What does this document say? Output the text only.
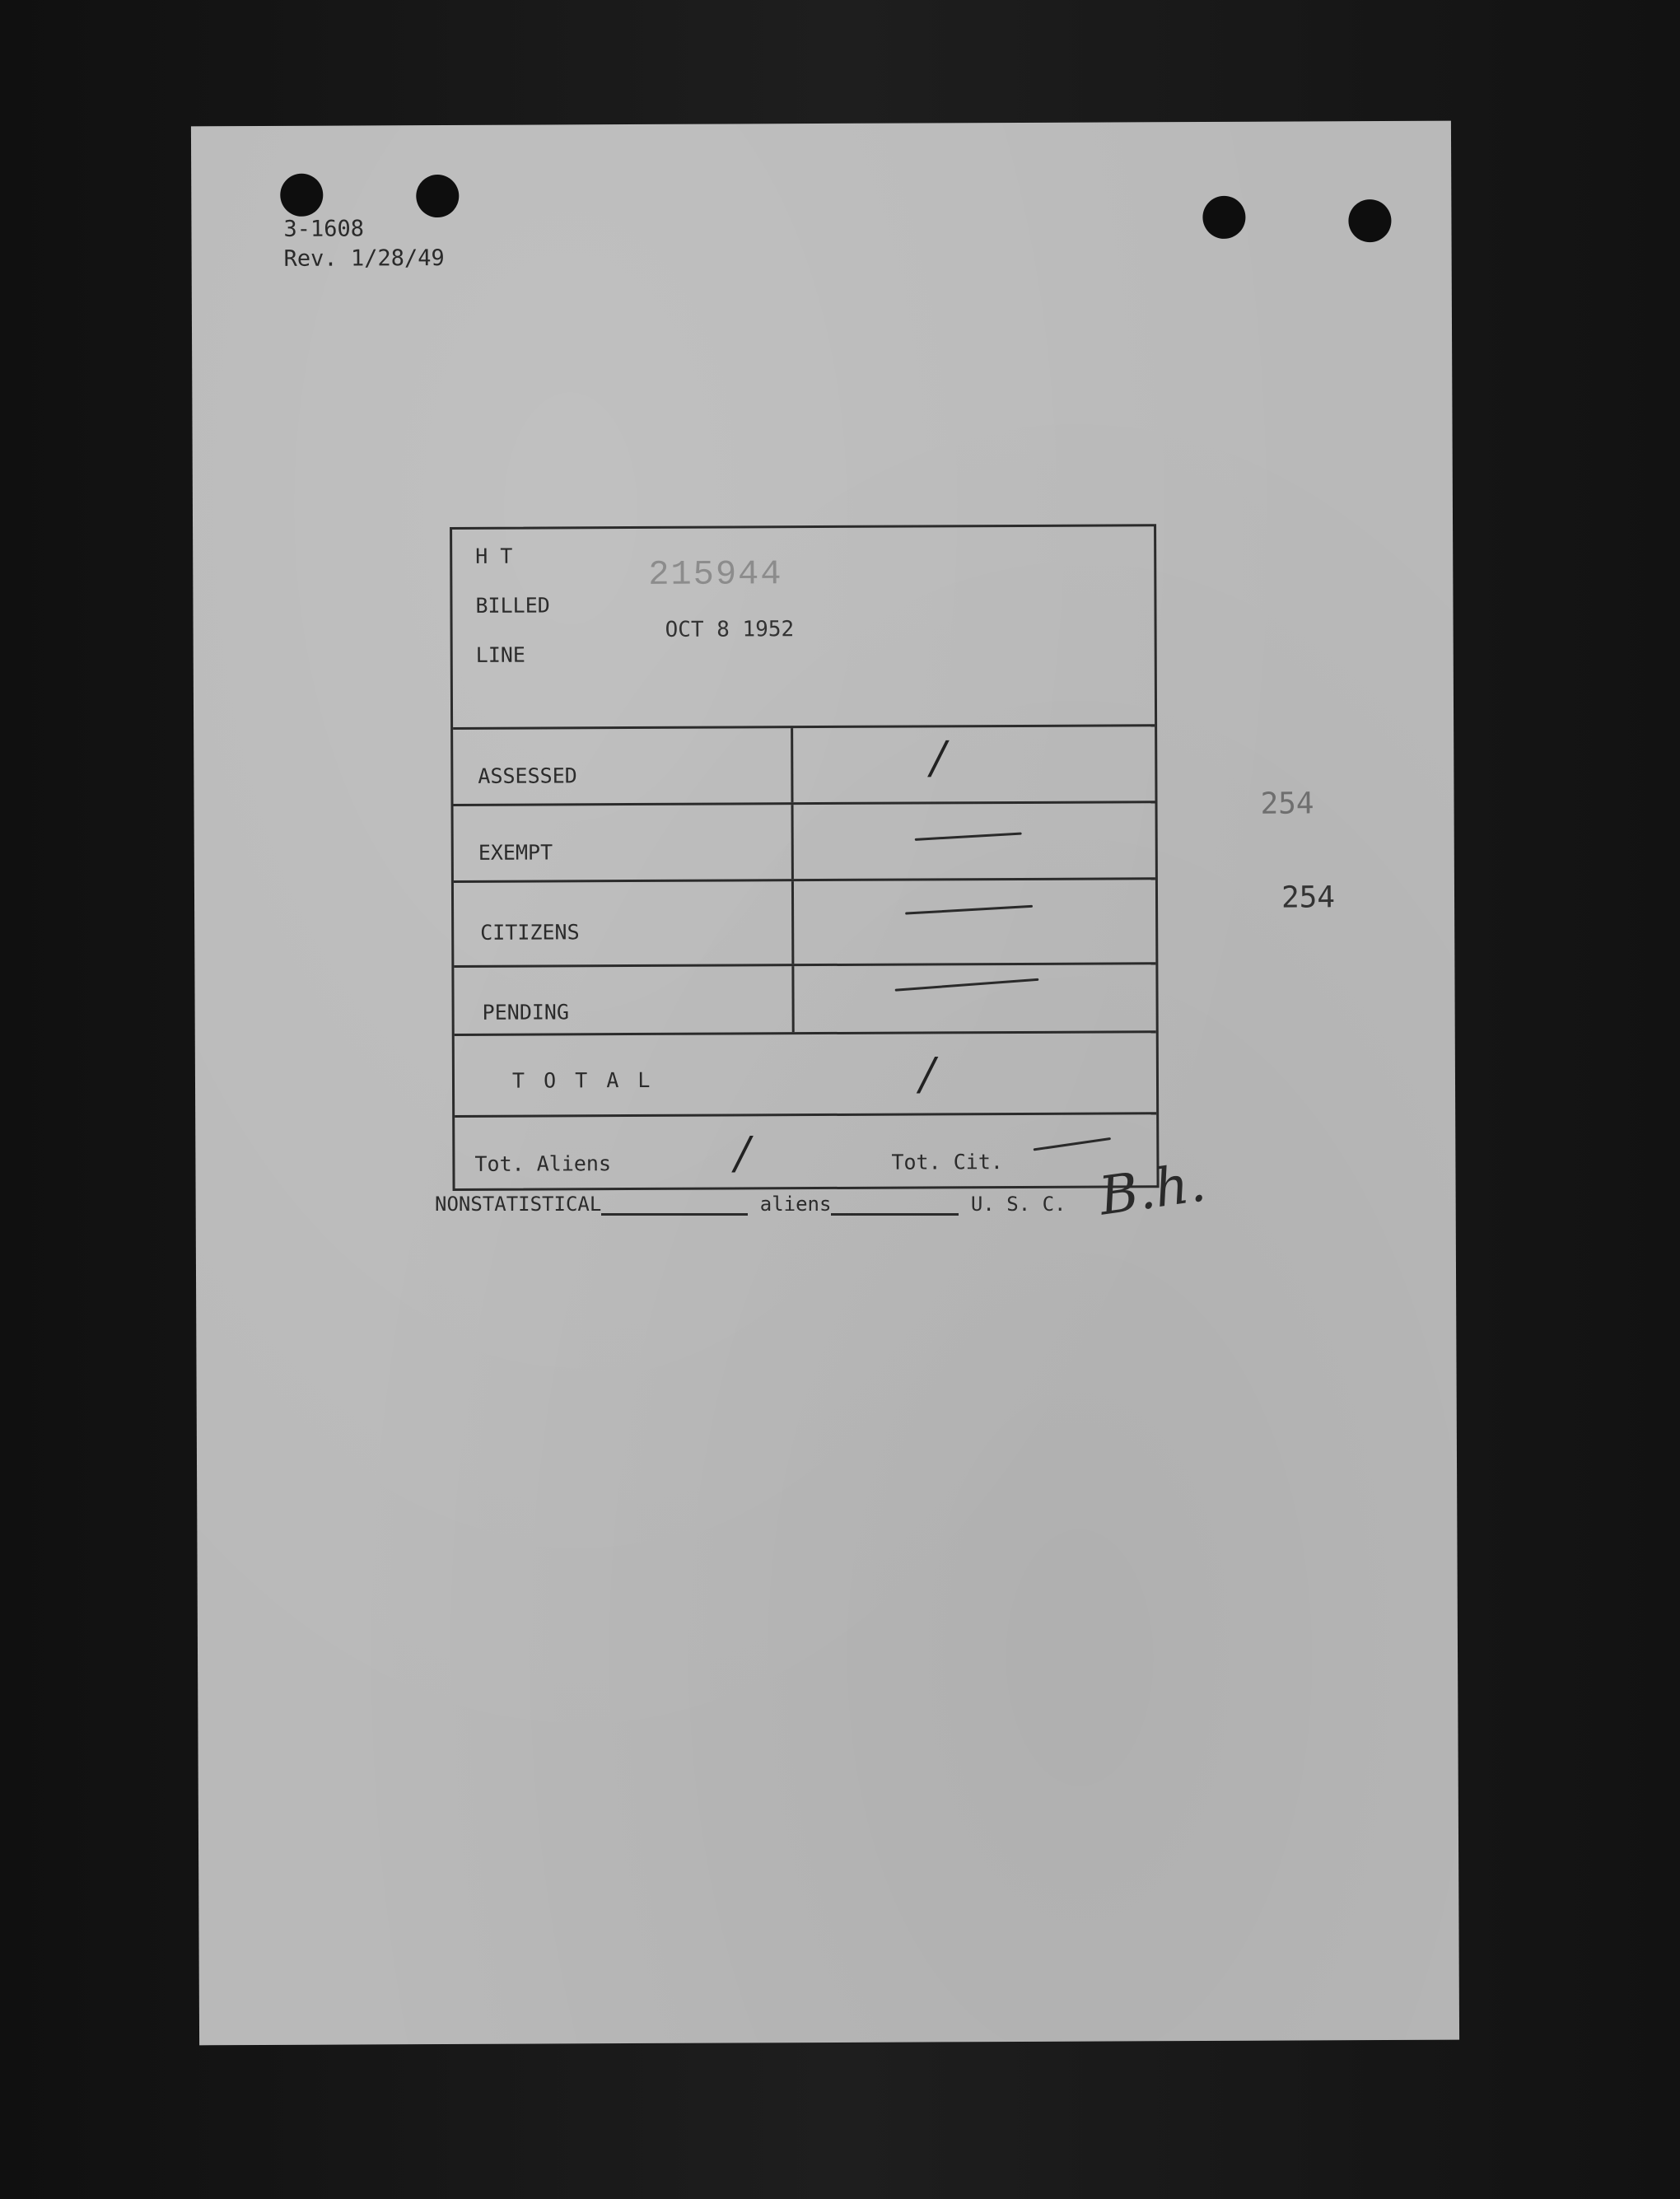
3-1608
Rev. 1/28/49
H T
BILLED
LINE
215944
OCT 8 1952
ASSESSED	/
EXEMPT
CITIZENS
PENDING
T O T A L	/
Tot. Aliens	/	Tot. Cit.
254
254
NONSTATISTICAL	aliens	U. S. C. B.h.
